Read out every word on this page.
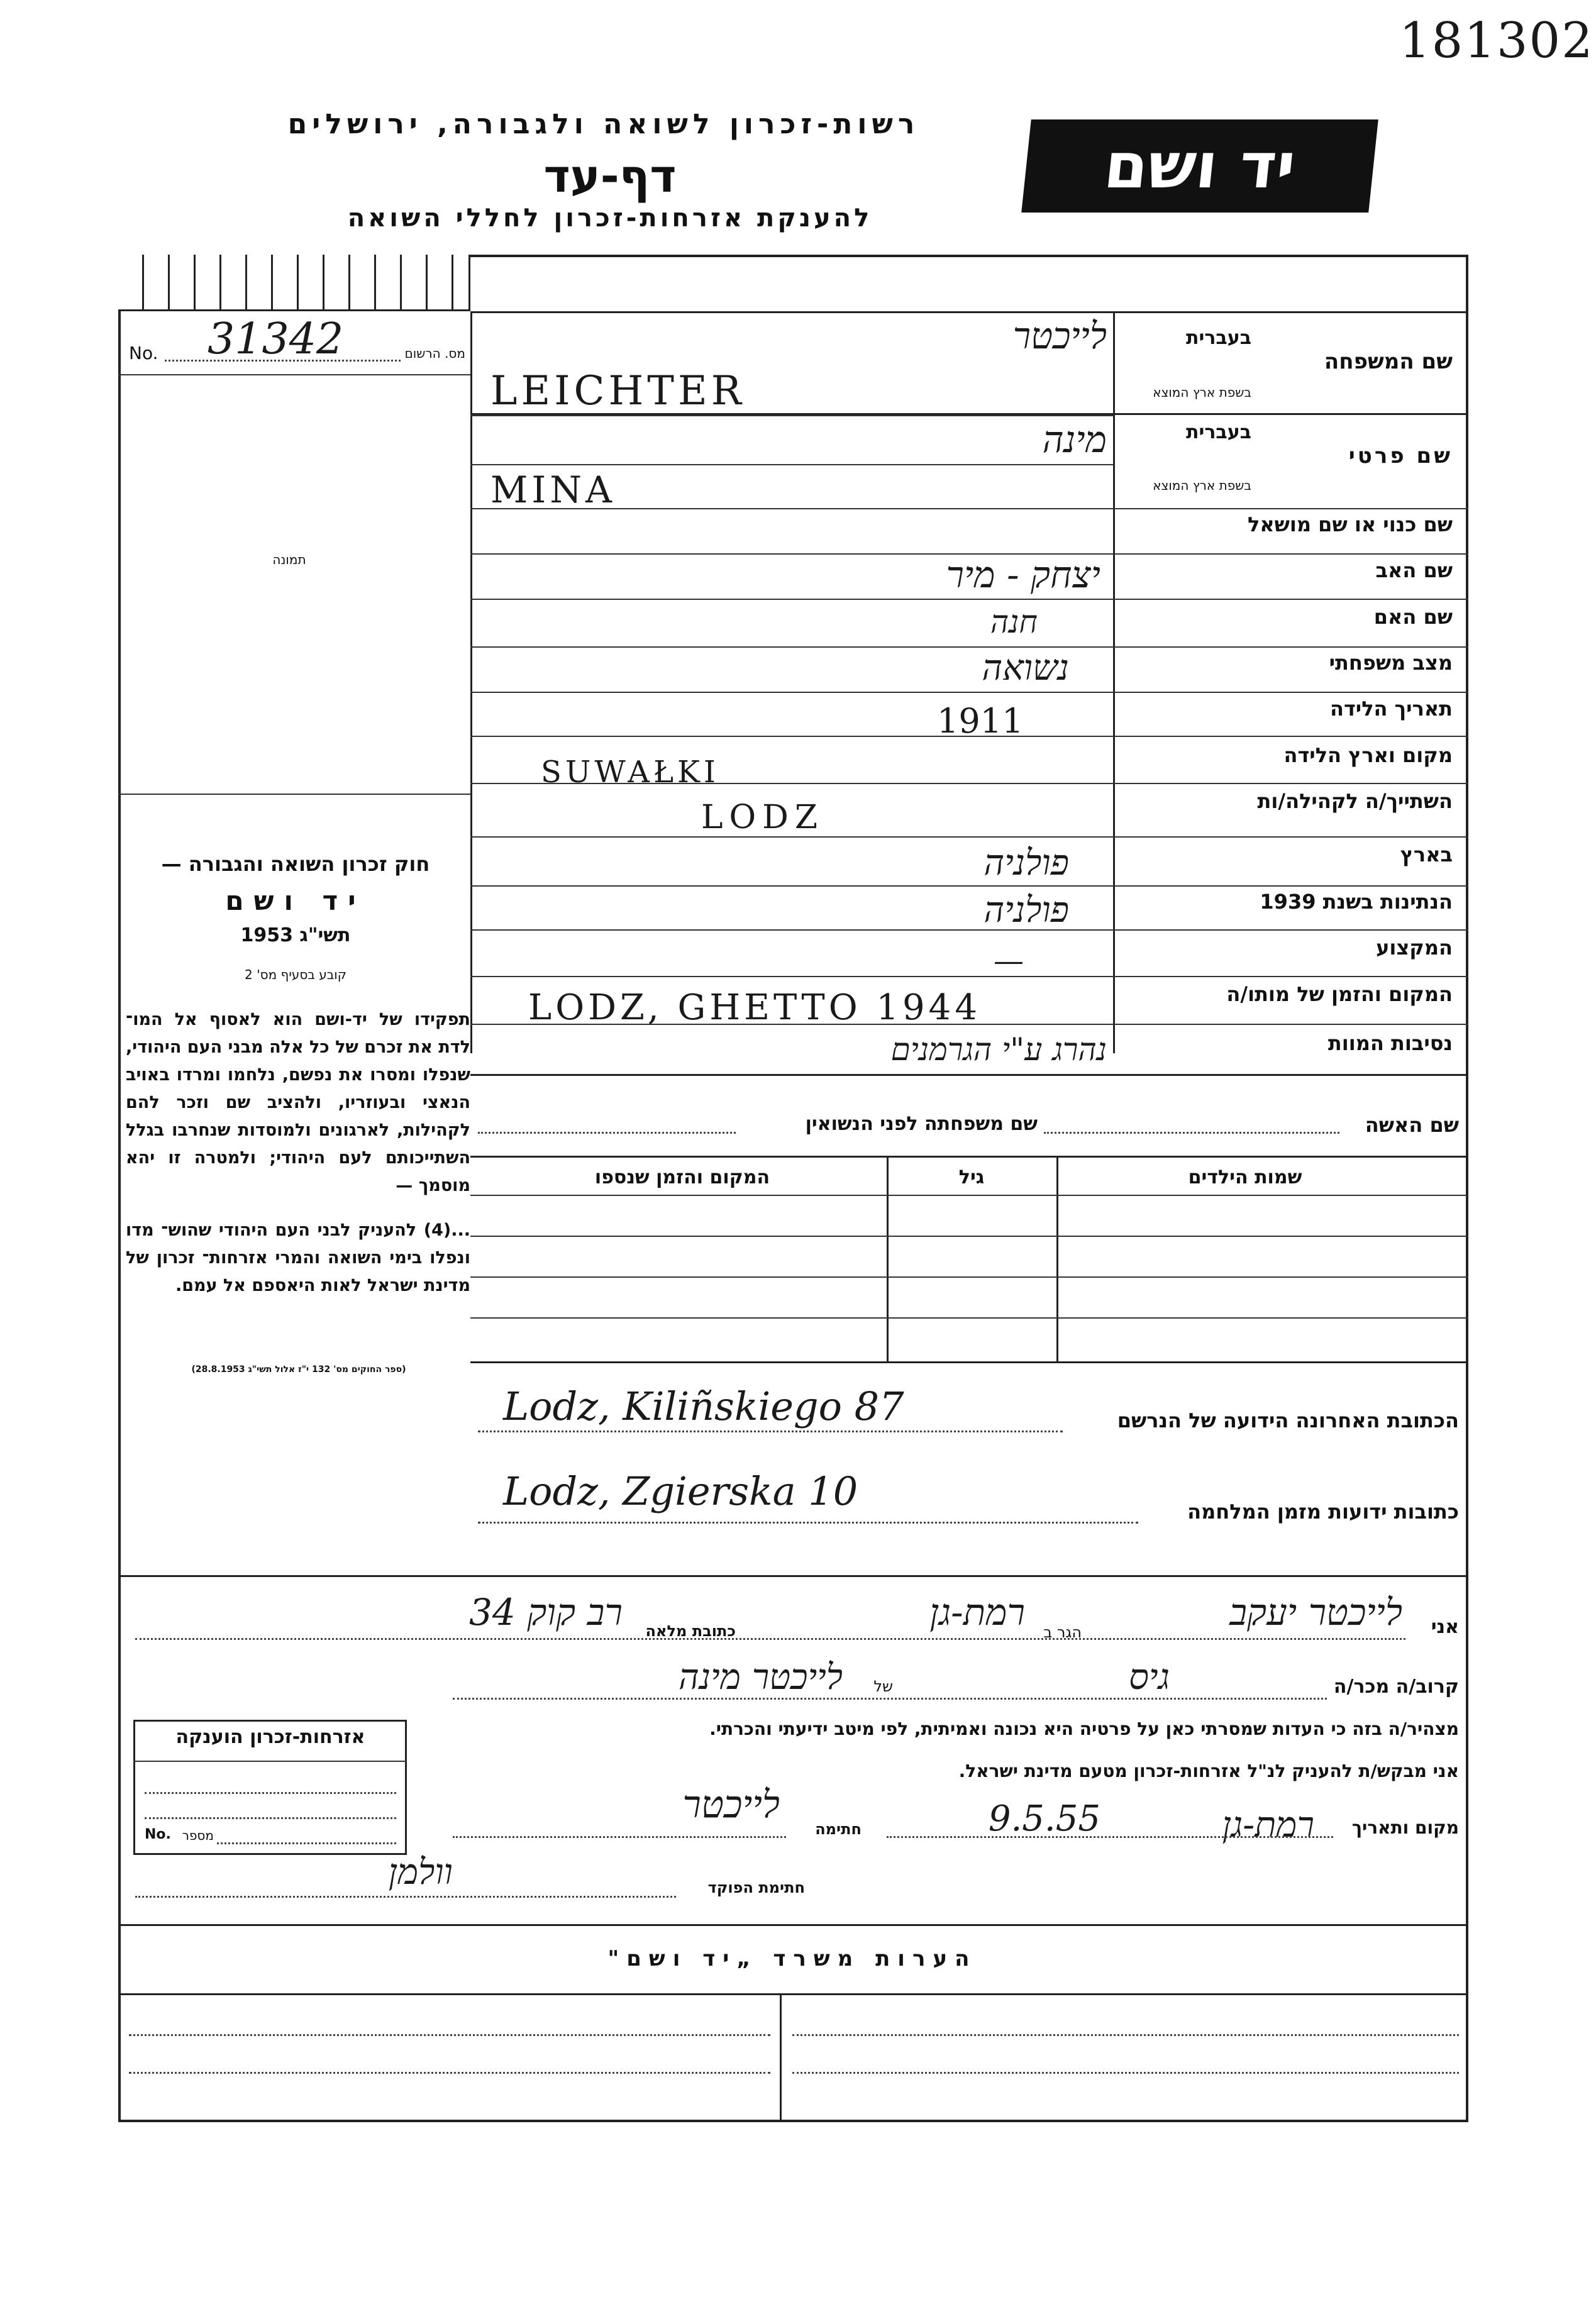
181302
רשות-זכרון לשואה ולגבורה, ירושלים
דף-עד
להענקת אזרחות-זכרון לחללי השואה
יד ושם
No. 31342	מס. הרשום
תמונה
חוק זכרון השואה והגבורה —
יד ושם
תשי"ג 1953
קובע בסעיף מס' 2
תפקידו של יד-ושם הוא לאסוף אל המו־ לדת את זכרם של כל אלה מבני העם היהודי, שנפלו ומסרו את נפשם, נלחמו ומרדו באויב הנאצי ובעוזריו, ולהציב שם וזכר להם לקהילות, לארגונים ולמוסדות שנחרבו בגלל השתייכותם לעם היהודי; ולמטרה זו יהא מוסמך —
...(4) להעניק לבני העם היהודי שהוש־ מדו ונפלו בימי השואה והמרי אזרחות־ זכרון של מדינת ישראל לאות היאספם אל עמם.
(ספר החוקים מס' 132 י"ז אלול תשי"ג 28.8.1953)
שם המשפחה
בעברית
בשפת ארץ המוצא
לייכטר
LEICHTER
שם פרטי
בעברית
בשפת ארץ המוצא
מינה
MINA
שם כנוי או שם מושאל
שם האב
יצחק - מיר
שם האם
חנה
מצב משפחתי
נשואה
תאריך הלידה
1911
מקום וארץ הלידה
SUWAŁKI
השתייך/ה לקהילה/ות
LODZ
בארץ
פולניה
הנתינות בשנת 1939
פולניה
המקצוע
—
המקום והזמן של מותו/ה
LODZ, GHETTO 1944
נסיבות המוות
נהרג ע"י הגרמנים
שם האשה
שם משפחתה לפני הנשואין
שמות הילדים
גיל
המקום והזמן שנספו
הכתובת האחרונה הידועה של הנרשם
Lodz, Kiliñskiego 87
כתובות ידועות מזמן המלחמה
Lodz, Zgierska 10
אני
לייכטר יעקב
הגר ב
רמת-גן
כתובת מלאה
רב קוק 34
קרוב/ה מכר/ה
גיס
של
לייכטר מינה
מצהיר/ה בזה כי העדות שמסרתי כאן על פרטיה היא נכונה ואמיתית, לפי מיטב ידיעתי והכרתי.
אני מבקש/ת להעניק לנ"ל אזרחות-זכרון מטעם מדינת ישראל.
מקום ותאריך
רמת-גן
9.5.55
חתימה
לייכטר
חתימת הפוקד
וולמן
אזרחות-זכרון הוענקה
No. מספר
הערות משרד „יד ושם"
